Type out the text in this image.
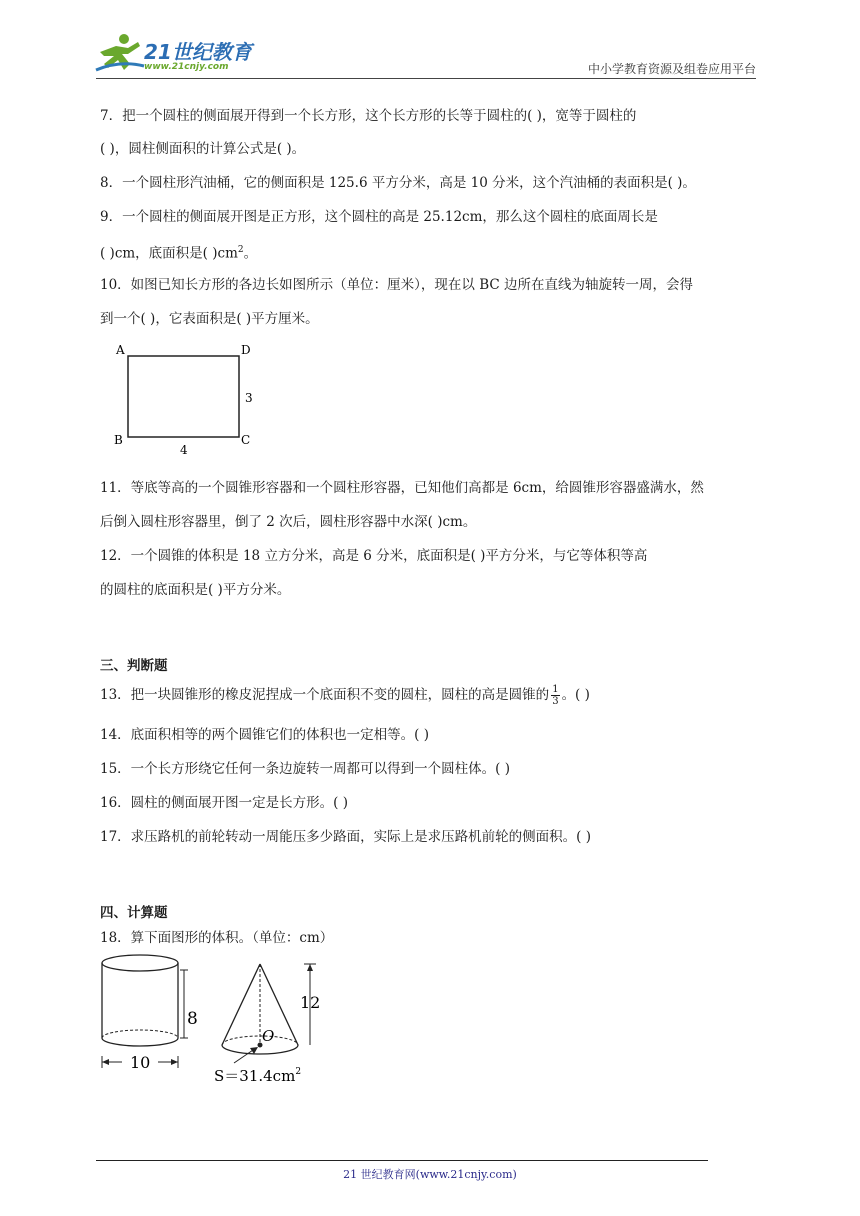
21世纪教育
www.21cnjy.com	中小学教育资源及组卷应用平台
7．把一个圆柱的侧面展开得到一个长方形，这个长方形的长等于圆柱的( )，宽等于圆柱的
( )，圆柱侧面积的计算公式是( )。
8．一个圆柱形汽油桶，它的侧面积是 125.6 平方分米，高是 10 分米，这个汽油桶的表面积是( )。
9．一个圆柱的侧面展开图是正方形，这个圆柱的高是 25.12cm，那么这个圆柱的底面周长是
( )cm，底面积是( )$cm^2$。
10．如图已知长方形的各边长如图所示（单位：厘米），现在以 BC 边所在直线为轴旋转一周，会得
到一个( )，它表面积是( )平方厘米。
A	D
B	C
3
4
11．等底等高的一个圆锥形容器和一个圆柱形容器，已知他们高都是 6cm，给圆锥形容器盛满水，然
后倒入圆柱形容器里，倒了 2 次后，圆柱形容器中水深( )cm。
12．一个圆锥的体积是 18 立方分米，高是 6 分米，底面积是( )平方分米，与它等体积等高
的圆柱的底面积是( )平方分米。
三、判断题
13．把一块圆锥形的橡皮泥捏成一个底面积不变的圆柱，圆柱的高是圆锥的 $\frac{1}{3}$ 。( )
14．底面积相等的两个圆锥它们的体积也一定相等。( )
15．一个长方形绕它任何一条边旋转一周都可以得到一个圆柱体。( )
16．圆柱的侧面展开图一定是长方形。( )
17．求压路机的前轮转动一周能压多少路面，实际上是求压路机前轮的侧面积。( )
四、计算题
18．算下面图形的体积。（单位：cm）
8
10
12
O
$S=31.4cm^2$
21 世纪教育网(www.21cnjy.com)
